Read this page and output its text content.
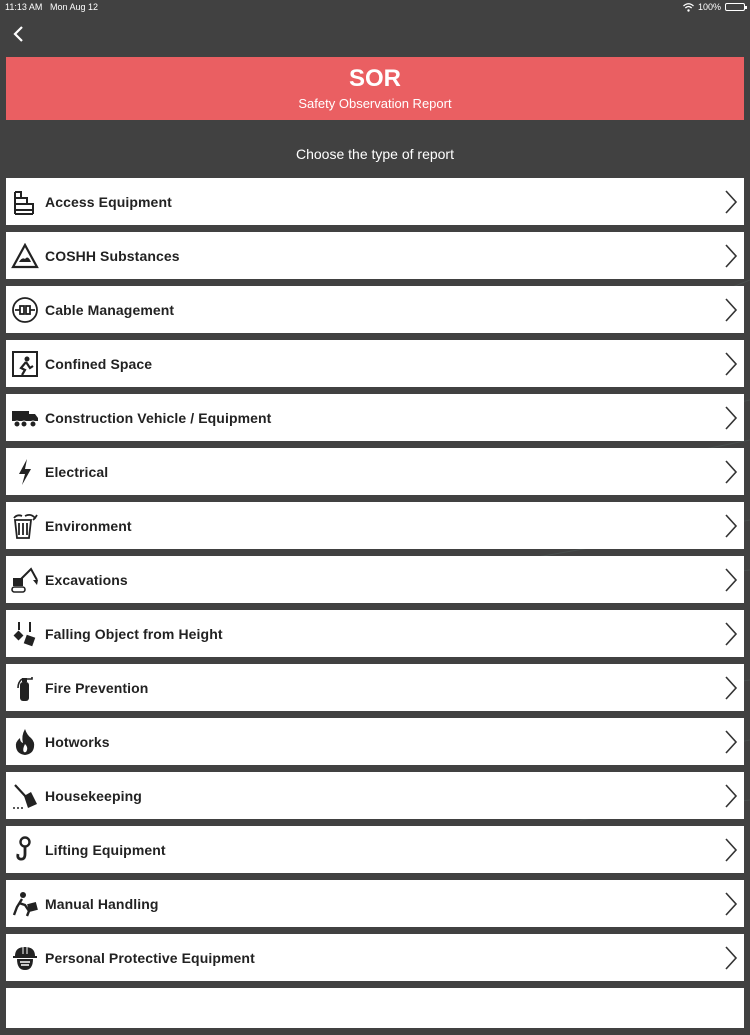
11:13 AM Mon Aug 12	100%
SOR
Safety Observation Report
Choose the type of report
Access Equipment
COSHH Substances
Cable Management
Confined Space
Construction Vehicle / Equipment
Electrical
Environment
Excavations
Falling Object from Height
Fire Prevention
Hotworks
Housekeeping
Lifting Equipment
Manual Handling
Personal Protective Equipment
